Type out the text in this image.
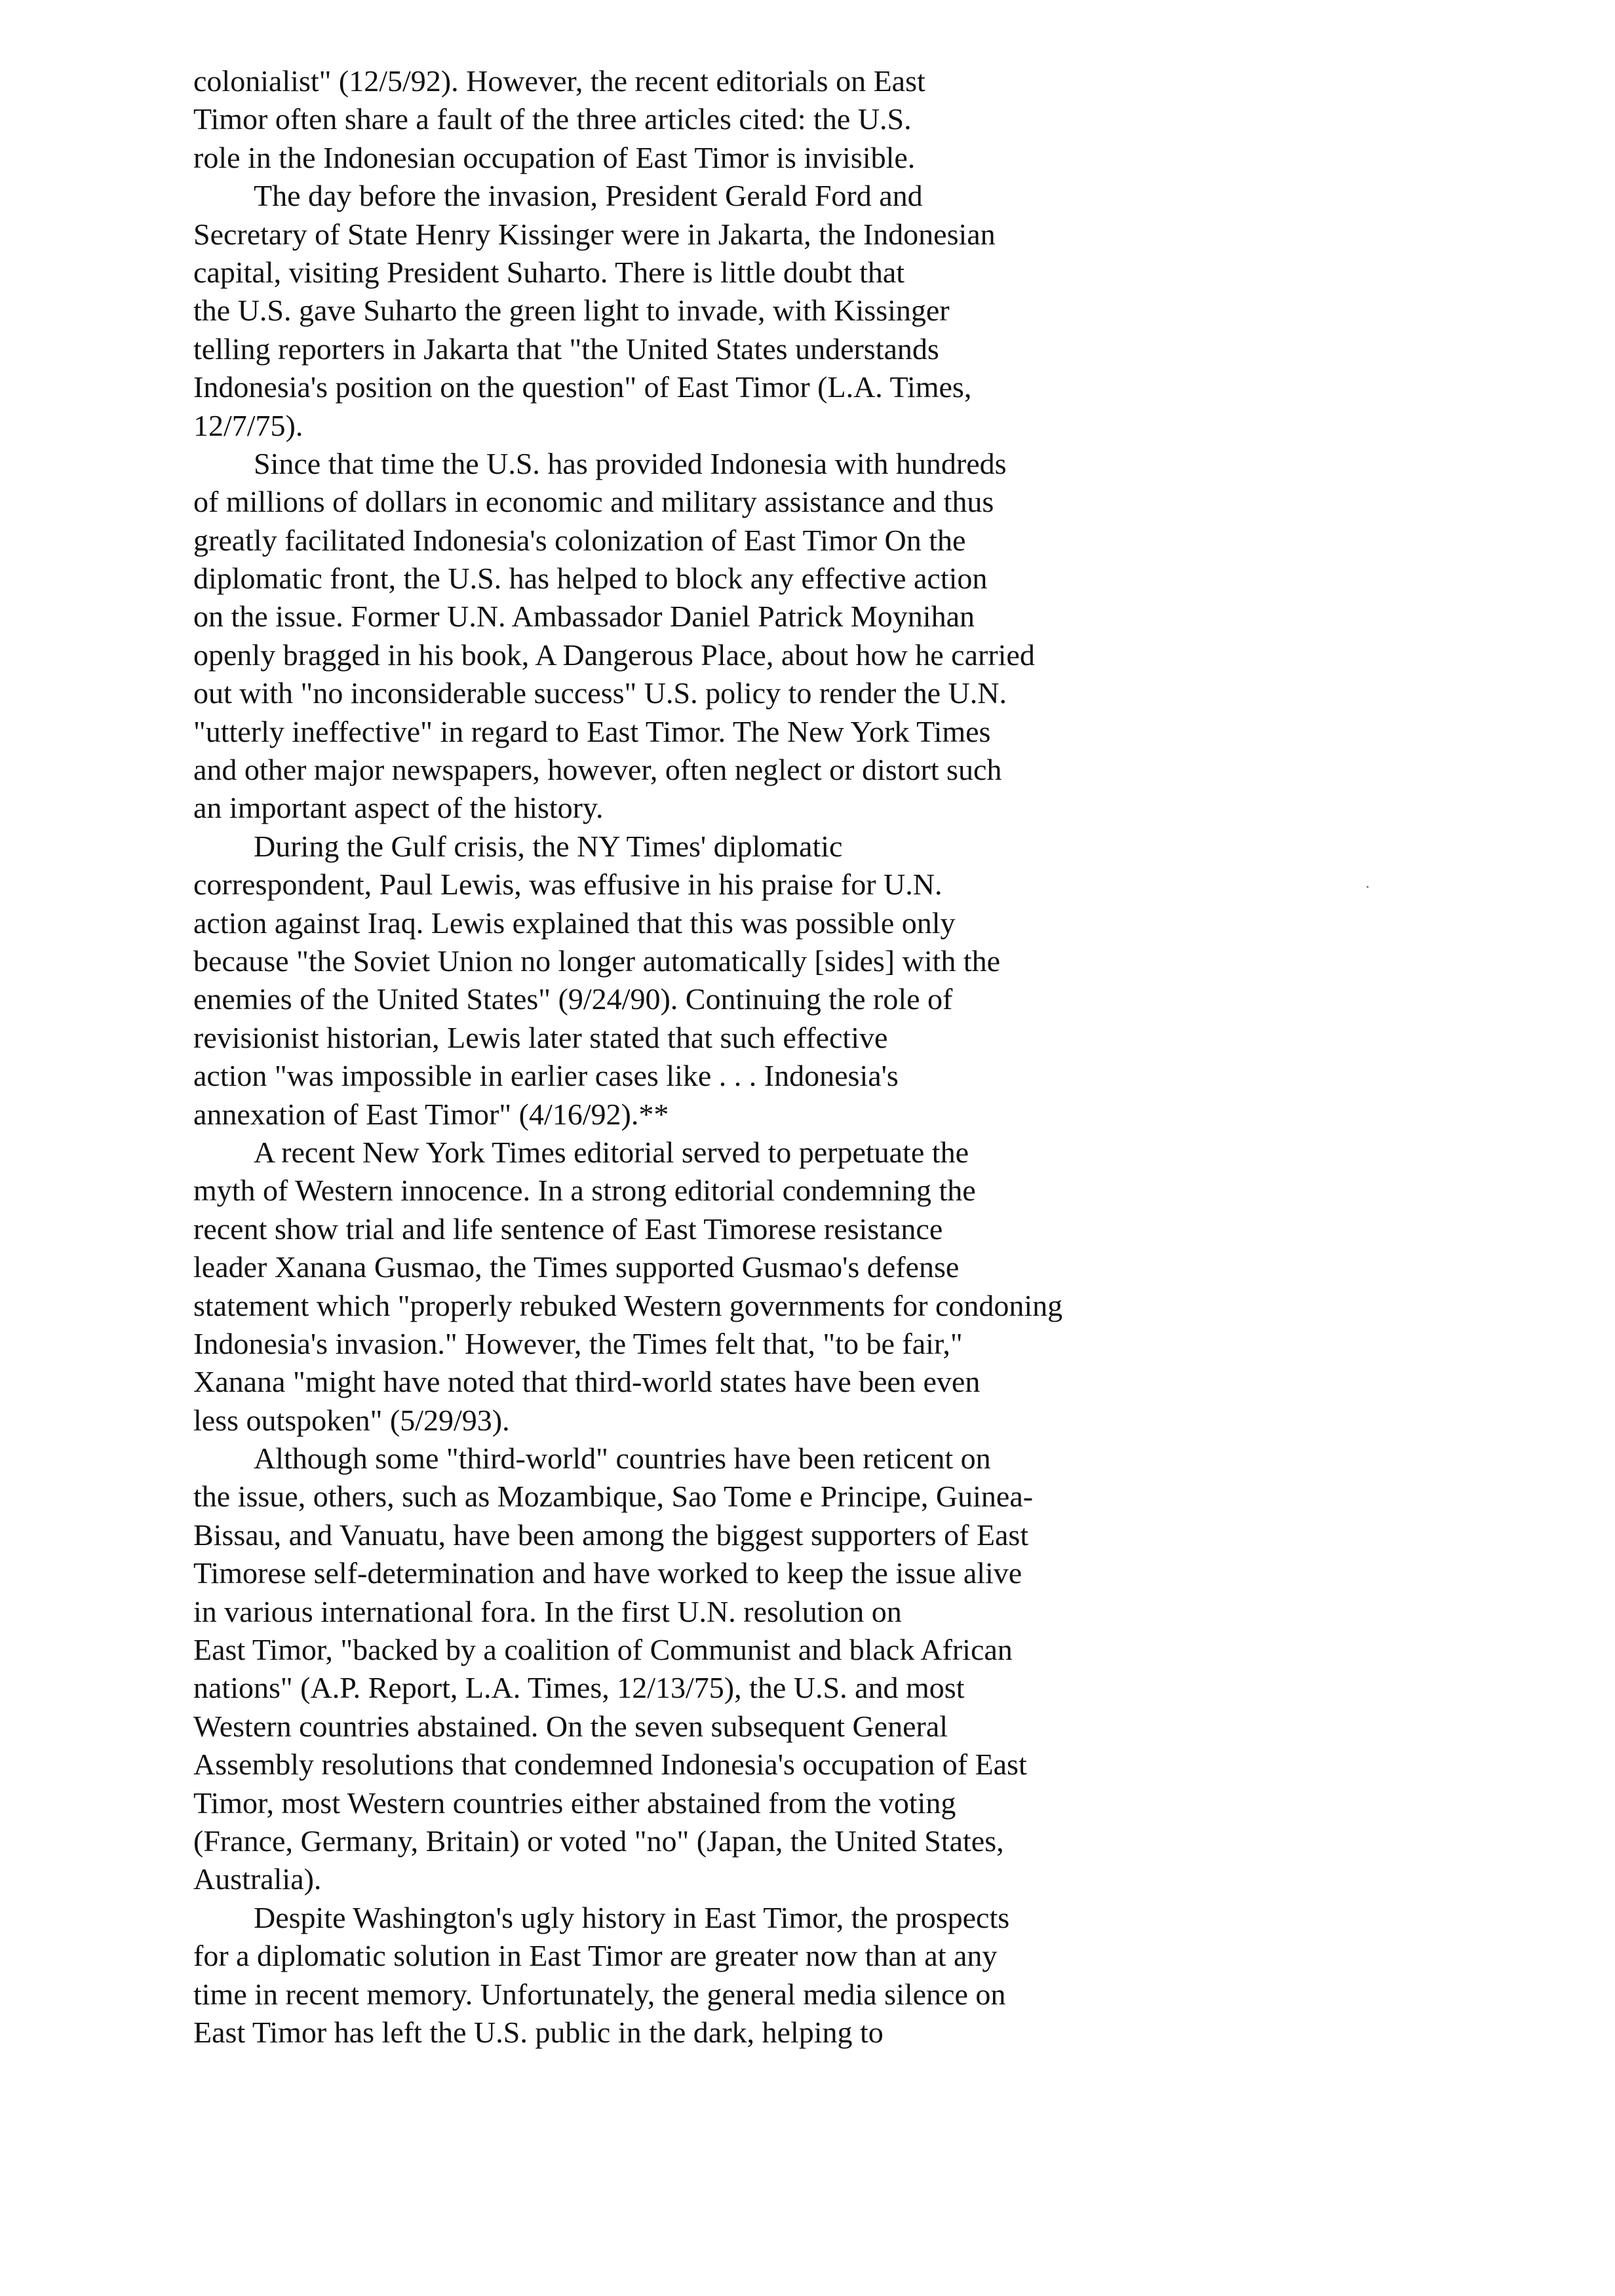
colonialist" (12/5/92). However, the recent editorials on East
Timor often share a fault of the three articles cited: the U.S.
role in the Indonesian occupation of East Timor is invisible.
The day before the invasion, President Gerald Ford and
Secretary of State Henry Kissinger were in Jakarta, the Indonesian
capital, visiting President Suharto. There is little doubt that
the U.S. gave Suharto the green light to invade, with Kissinger
telling reporters in Jakarta that "the United States understands
Indonesia's position on the question" of East Timor (L.A. Times,
12/7/75).
Since that time the U.S. has provided Indonesia with hundreds
of millions of dollars in economic and military assistance and thus
greatly facilitated Indonesia's colonization of East Timor On the
diplomatic front, the U.S. has helped to block any effective action
on the issue. Former U.N. Ambassador Daniel Patrick Moynihan
openly bragged in his book, A Dangerous Place, about how he carried
out with "no inconsiderable success" U.S. policy to render the U.N.
"utterly ineffective" in regard to East Timor. The New York Times
and other major newspapers, however, often neglect or distort such
an important aspect of the history.
During the Gulf crisis, the NY Times' diplomatic
correspondent, Paul Lewis, was effusive in his praise for U.N.
action against Iraq. Lewis explained that this was possible only
because "the Soviet Union no longer automatically [sides] with the
enemies of the United States" (9/24/90). Continuing the role of
revisionist historian, Lewis later stated that such effective
action "was impossible in earlier cases like . . . Indonesia's
annexation of East Timor" (4/16/92).**
A recent New York Times editorial served to perpetuate the
myth of Western innocence. In a strong editorial condemning the
recent show trial and life sentence of East Timorese resistance
leader Xanana Gusmao, the Times supported Gusmao's defense
statement which "properly rebuked Western governments for condoning
Indonesia's invasion." However, the Times felt that, "to be fair,"
Xanana "might have noted that third-world states have been even
less outspoken" (5/29/93).
Although some "third-world" countries have been reticent on
the issue, others, such as Mozambique, Sao Tome e Principe, Guinea-
Bissau, and Vanuatu, have been among the biggest supporters of East
Timorese self-determination and have worked to keep the issue alive
in various international fora. In the first U.N. resolution on
East Timor, "backed by a coalition of Communist and black African
nations" (A.P. Report, L.A. Times, 12/13/75), the U.S. and most
Western countries abstained. On the seven subsequent General
Assembly resolutions that condemned Indonesia's occupation of East
Timor, most Western countries either abstained from the voting
(France, Germany, Britain) or voted "no" (Japan, the United States,
Australia).
Despite Washington's ugly history in East Timor, the prospects
for a diplomatic solution in East Timor are greater now than at any
time in recent memory. Unfortunately, the general media silence on
East Timor has left the U.S. public in the dark, helping to
